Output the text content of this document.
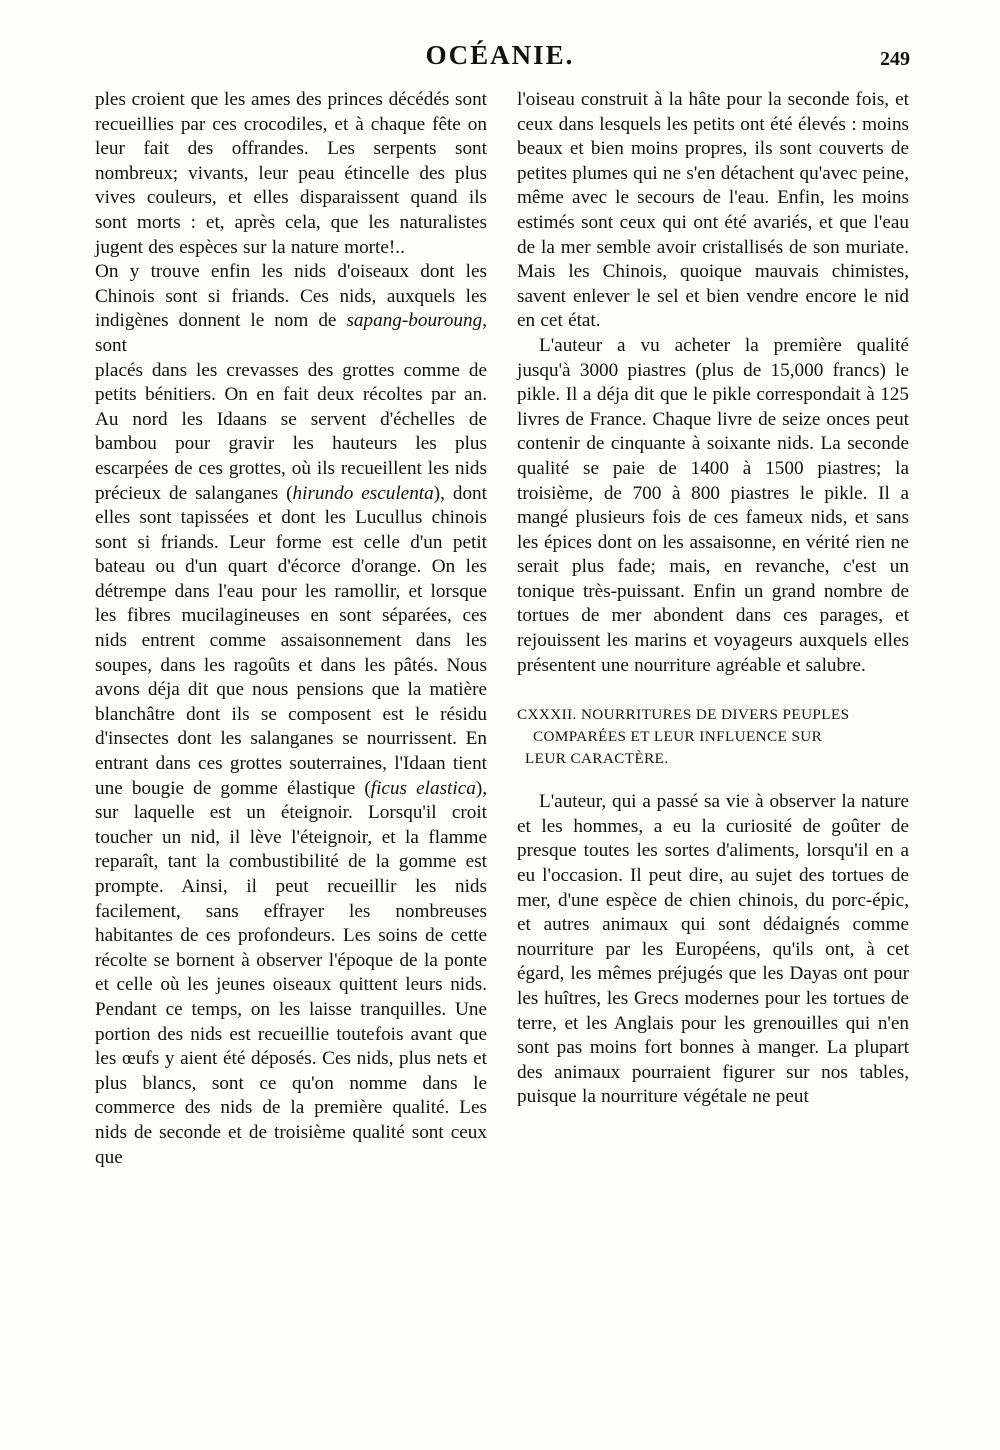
OCÉANIE.	249

ples croient que les ames des princes décédés sont recueillies par ces crocodiles, et à chaque fête on leur fait des offrandes. Les serpents sont nombreux; vivants, leur peau étincelle des plus vives couleurs, et elles disparaissent quand ils sont morts : et, après cela, que les naturalistes jugent des espèces sur la nature morte!..

On y trouve enfin les nids d'oiseaux dont les Chinois sont si friands. Ces nids, auxquels les indigènes donnent le nom de sapang-bouroung, sont

placés dans les crevasses des grottes comme de petits bénitiers. On en fait deux récoltes par an. Au nord les Idaans se servent d'échelles de bambou pour gravir les hauteurs les plus escarpées de ces grottes, où ils recueillent les nids précieux de salanganes (hirundo esculenta), dont elles sont tapissées et dont les Lucullus chinois sont si friands. Leur forme est celle d'un petit bateau ou d'un quart d'écorce d'orange. On les détrempe dans l'eau pour les ramollir, et lorsque les fibres mucilagineuses en sont séparées, ces nids entrent comme assaisonnement dans les soupes, dans les ragoûts et dans les pâtés. Nous avons déja dit que nous pensions que la matière blanchâtre dont ils se composent est le résidu d'insectes dont les salanganes se nourrissent. En entrant dans ces grottes souterraines, l'Idaan tient une bougie de gomme élastique (ficus elastica), sur laquelle est un éteignoir. Lorsqu'il croit toucher un nid, il lève l'éteignoir, et la flamme reparaît, tant la combustibilité de la gomme est prompte. Ainsi, il peut recueillir les nids facilement, sans effrayer les nombreuses habitantes de ces profondeurs. Les soins de cette récolte se bornent à observer l'époque de la ponte et celle où les jeunes oiseaux quittent leurs nids. Pendant ce temps, on les laisse tranquilles. Une portion des nids est recueillie toutefois avant que les œufs y aient été déposés. Ces nids, plus nets et plus blancs, sont ce qu'on nomme dans le commerce des nids de la première qualité. Les nids de seconde et de troisième qualité sont ceux que

l'oiseau construit à la hâte pour la seconde fois, et ceux dans lesquels les petits ont été élevés : moins beaux et bien moins propres, ils sont couverts de petites plumes qui ne s'en détachent qu'avec peine, même avec le secours de l'eau. Enfin, les moins estimés sont ceux qui ont été avariés, et que l'eau de la mer semble avoir cristallisés de son muriate. Mais les Chinois, quoique mauvais chimistes, savent enlever le sel et bien vendre encore le nid en cet état.

L'auteur a vu acheter la première qualité jusqu'à 3000 piastres (plus de 15,000 francs) le pikle. Il a déja dit que le pikle correspondait à 125 livres de France. Chaque livre de seize onces peut contenir de cinquante à soixante nids. La seconde qualité se paie de 1400 à 1500 piastres; la troisième, de 700 à 800 piastres le pikle. Il a mangé plusieurs fois de ces fameux nids, et sans les épices dont on les assaisonne, en vérité rien ne serait plus fade; mais, en revanche, c'est un tonique très-puissant. Enfin un grand nombre de tortues de mer abondent dans ces parages, et rejouissent les marins et voyageurs auxquels elles présentent une nourriture agréable et salubre.

CXXXII. NOURRITURES DE DIVERS PEUPLES
COMPARÉES ET LEUR INFLUENCE SUR
LEUR CARACTÈRE.

L'auteur, qui a passé sa vie à observer la nature et les hommes, a eu la curiosité de goûter de presque toutes les sortes d'aliments, lorsqu'il en a eu l'occasion. Il peut dire, au sujet des tortues de mer, d'une espèce de chien chinois, du porc-épic, et autres animaux qui sont dédaignés comme nourriture par les Européens, qu'ils ont, à cet égard, les mêmes préjugés que les Dayas ont pour les huîtres, les Grecs modernes pour les tortues de terre, et les Anglais pour les grenouilles qui n'en sont pas moins fort bonnes à manger. La plupart des animaux pourraient figurer sur nos tables, puisque la nourriture végétale ne peut
